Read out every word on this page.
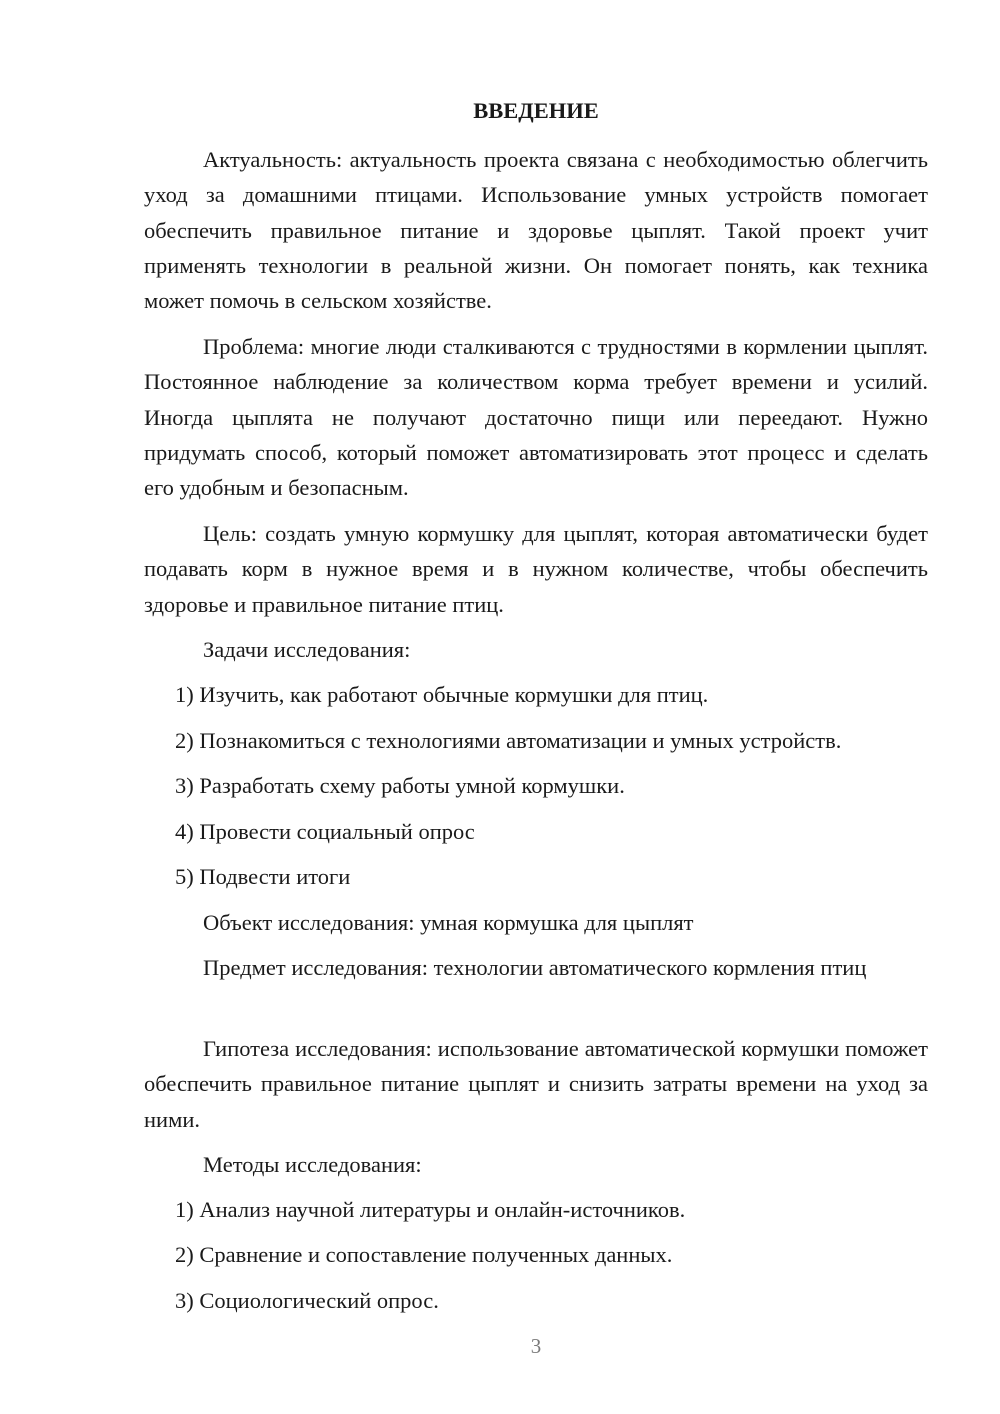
ВВЕДЕНИЕ

Актуальность: актуальность проекта связана с необходимостью облегчить уход за домашними птицами. Использование умных устройств помогает обеспечить правильное питание и здоровье цыплят. Такой проект учит применять технологии в реальной жизни. Он помогает понять, как техника может помочь в сельском хозяйстве.

Проблема: многие люди сталкиваются с трудностями в кормлении цыплят. Постоянное наблюдение за количеством корма требует времени и усилий. Иногда цыплята не получают достаточно пищи или переедают. Нужно придумать способ, который поможет автоматизировать этот процесс и сделать его удобным и безопасным.

Цель: создать умную кормушку для цыплят, которая автоматически будет подавать корм в нужное время и в нужном количестве, чтобы обеспечить здоровье и правильное питание птиц.

Задачи исследования:

1) Изучить, как работают обычные кормушки для птиц.

2) Познакомиться с технологиями автоматизации и умных устройств.

3) Разработать схему работы умной кормушки.

4) Провести социальный опрос

5) Подвести итоги

Объект исследования: умная кормушка для цыплят

Предмет исследования: технологии автоматического кормления птиц

Гипотеза исследования: использование автоматической кормушки поможет обеспечить правильное питание цыплят и снизить затраты времени на уход за ними.

Методы исследования:

1) Анализ научной литературы и онлайн-источников.

2) Сравнение и сопоставление полученных данных.

3) Социологический опрос.

3
